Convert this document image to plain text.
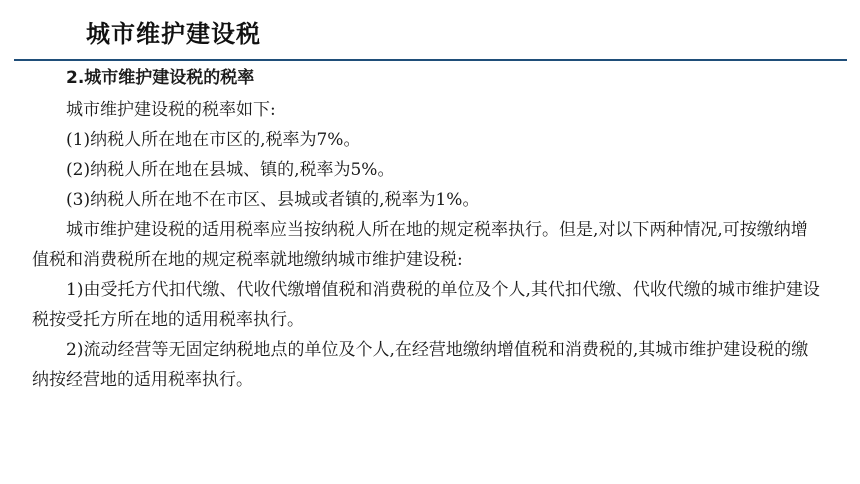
城市维护建设税

2.城市维护建设税的税率

城市维护建设税的税率如下:

(1)纳税人所在地在市区的,税率为7%。

(2)纳税人所在地在县城、镇的,税率为5%。

(3)纳税人所在地不在市区、县城或者镇的,税率为1%。

城市维护建设税的适用税率应当按纳税人所在地的规定税率执行。但是,对以下两种情况,可按缴纳增值税和消费税所在地的规定税率就地缴纳城市维护建设税:

1)由受托方代扣代缴、代收代缴增值税和消费税的单位及个人,其代扣代缴、代收代缴的城市维护建设税按受托方所在地的适用税率执行。

2)流动经营等无固定纳税地点的单位及个人,在经营地缴纳增值税和消费税的,其城市维护建设税的缴纳按经营地的适用税率执行。
